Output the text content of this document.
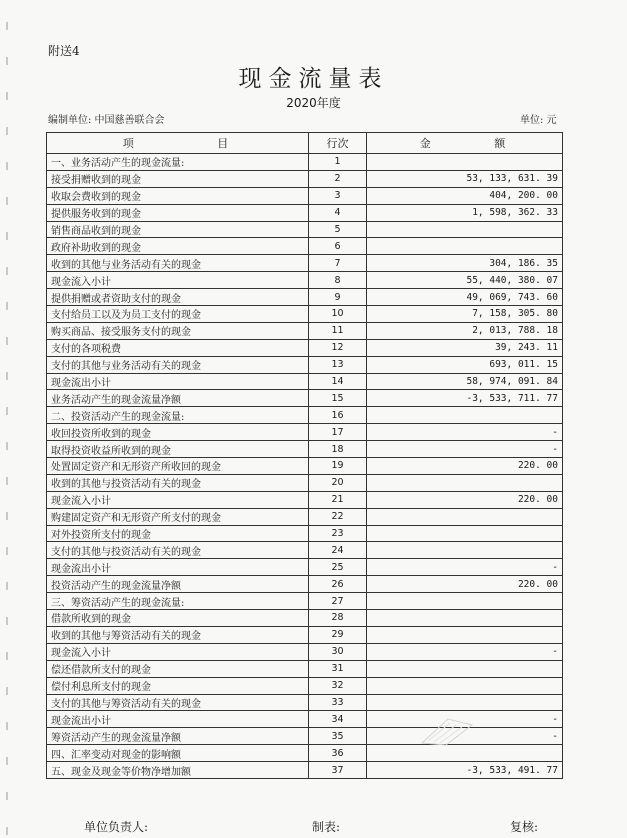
附送4
现金流量表
2020年度
编制单位: 中国慈善联合会	单位: 元
项 目	行次	金 额
一、业务活动产生的现金流量:	1	
接受捐赠收到的现金	2	53, 133, 631. 39
收取会费收到的现金	3	404, 200. 00
提供服务收到的现金	4	1, 598, 362. 33
销售商品收到的现金	5	
政府补助收到的现金	6	
收到的其他与业务活动有关的现金	7	304, 186. 35
现金流入小计	8	55, 440, 380. 07
提供捐赠或者资助支付的现金	9	49, 069, 743. 60
支付给员工以及为员工支付的现金	10	7, 158, 305. 80
购买商品、接受服务支付的现金	11	2, 013, 788. 18
支付的各项税费	12	39, 243. 11
支付的其他与业务活动有关的现金	13	693, 011. 15
现金流出小计	14	58, 974, 091. 84
业务活动产生的现金流量净额	15	-3, 533, 711. 77
二、投资活动产生的现金流量:	16	
收回投资所收到的现金	17	-
取得投资收益所收到的现金	18	-
处置固定资产和无形资产所收回的现金	19	220. 00
收到的其他与投资活动有关的现金	20	
现金流入小计	21	220. 00
购建固定资产和无形资产所支付的现金	22	
对外投资所支付的现金	23	
支付的其他与投资活动有关的现金	24	
现金流出小计	25	-
投资活动产生的现金流量净额	26	220. 00
三、筹资活动产生的现金流量:	27	
借款所收到的现金	28	
收到的其他与筹资活动有关的现金	29	
现金流入小计	30	-
偿还借款所支付的现金	31	
偿付利息所支付的现金	32	
支付的其他与筹资活动有关的现金	33	
现金流出小计	34	-
筹资活动产生的现金流量净额	35	-
四、汇率变动对现金的影响额	36	
五、现金及现金等价物净增加额	37	-3, 533, 491. 77
单位负责人:	制表:	复核:
